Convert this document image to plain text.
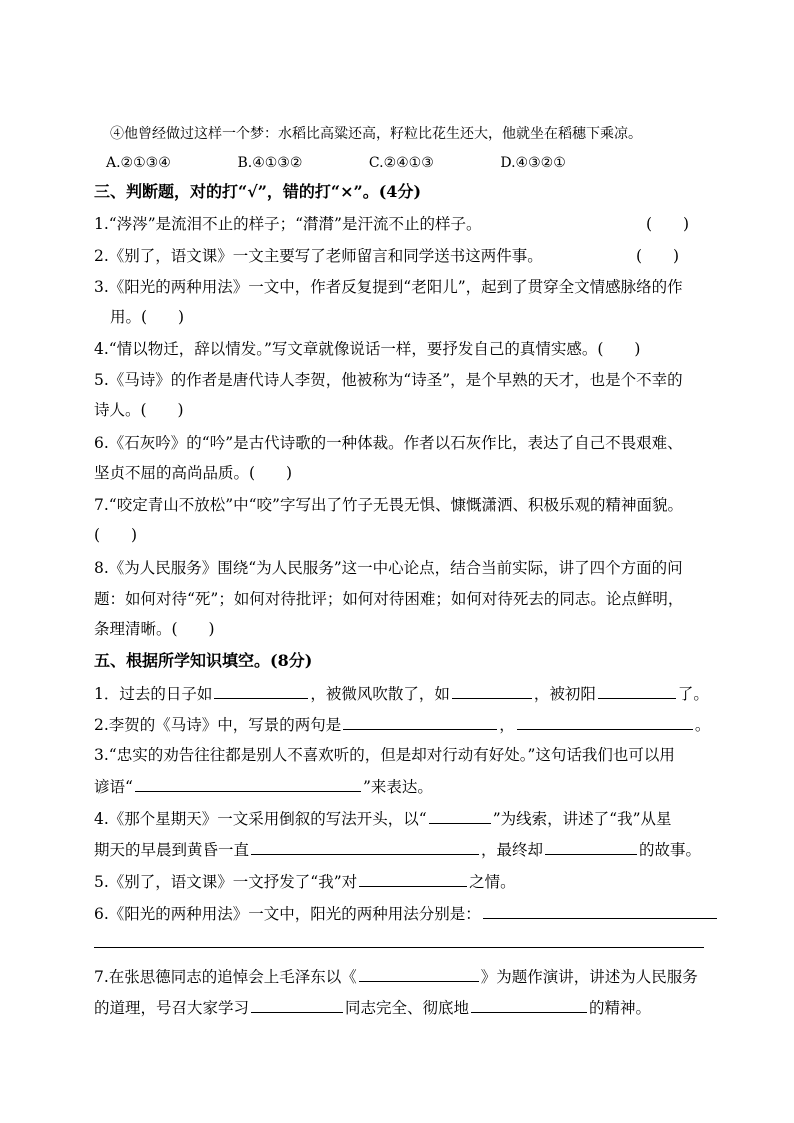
④他曾经做过这样一个梦：水稻比高粱还高，籽粒比花生还大，他就坐在稻穗下乘凉。
A.②①③④	B.④①③②	C.②④①③	D.④③②①
三、判断题，对的打“√”，错的打“×”。(4分)
1.“涔涔”是流泪不止的样子；“潸潸”是汗流不止的样子。	(　　)
2.《别了，语文课》一文主要写了老师留言和同学送书这两件事。	(　　)
3.《阳光的两种用法》一文中，作者反复提到“老阳儿”，起到了贯穿全文情感脉络的作
用。(　　)
4.“情以物迁，辞以情发。”写文章就像说话一样，要抒发自己的真情实感。(　　)
5.《马诗》的作者是唐代诗人李贺，他被称为“诗圣”，是个早熟的天才，也是个不幸的
诗人。(　　)
6.《石灰吟》的“吟”是古代诗歌的一种体裁。作者以石灰作比，表达了自己不畏艰难、
坚贞不屈的高尚品质。(　　)
7.“咬定青山不放松”中“咬”字写出了竹子无畏无惧、慷慨潇洒、积极乐观的精神面貌。
(　　)
8.《为人民服务》围绕“为人民服务”这一中心论点，结合当前实际，讲了四个方面的问
题：如何对待“死”；如何对待批评；如何对待困难；如何对待死去的同志。论点鲜明，
条理清晰。(　　)
五、根据所学知识填空。(8分)
1．过去的日子如	，被微风吹散了，如	，被初阳	了。
2.李贺的《马诗》中，写景的两句是	，	。
3.“忠实的劝告往往都是别人不喜欢听的，但是却对行动有好处。”这句话我们也可以用
谚语“	”来表达。
4.《那个星期天》一文采用倒叙的写法开头，以“	”为线索，讲述了“我”从星
期天的早晨到黄昏一直	，最终却	的故事。
5.《别了，语文课》一文抒发了“我”对	之情。
6.《阳光的两种用法》一文中，阳光的两种用法分别是：
7.在张思德同志的追悼会上毛泽东以《	》为题作演讲，讲述为人民服务
的道理，号召大家学习	同志完全、彻底地	的精神。
